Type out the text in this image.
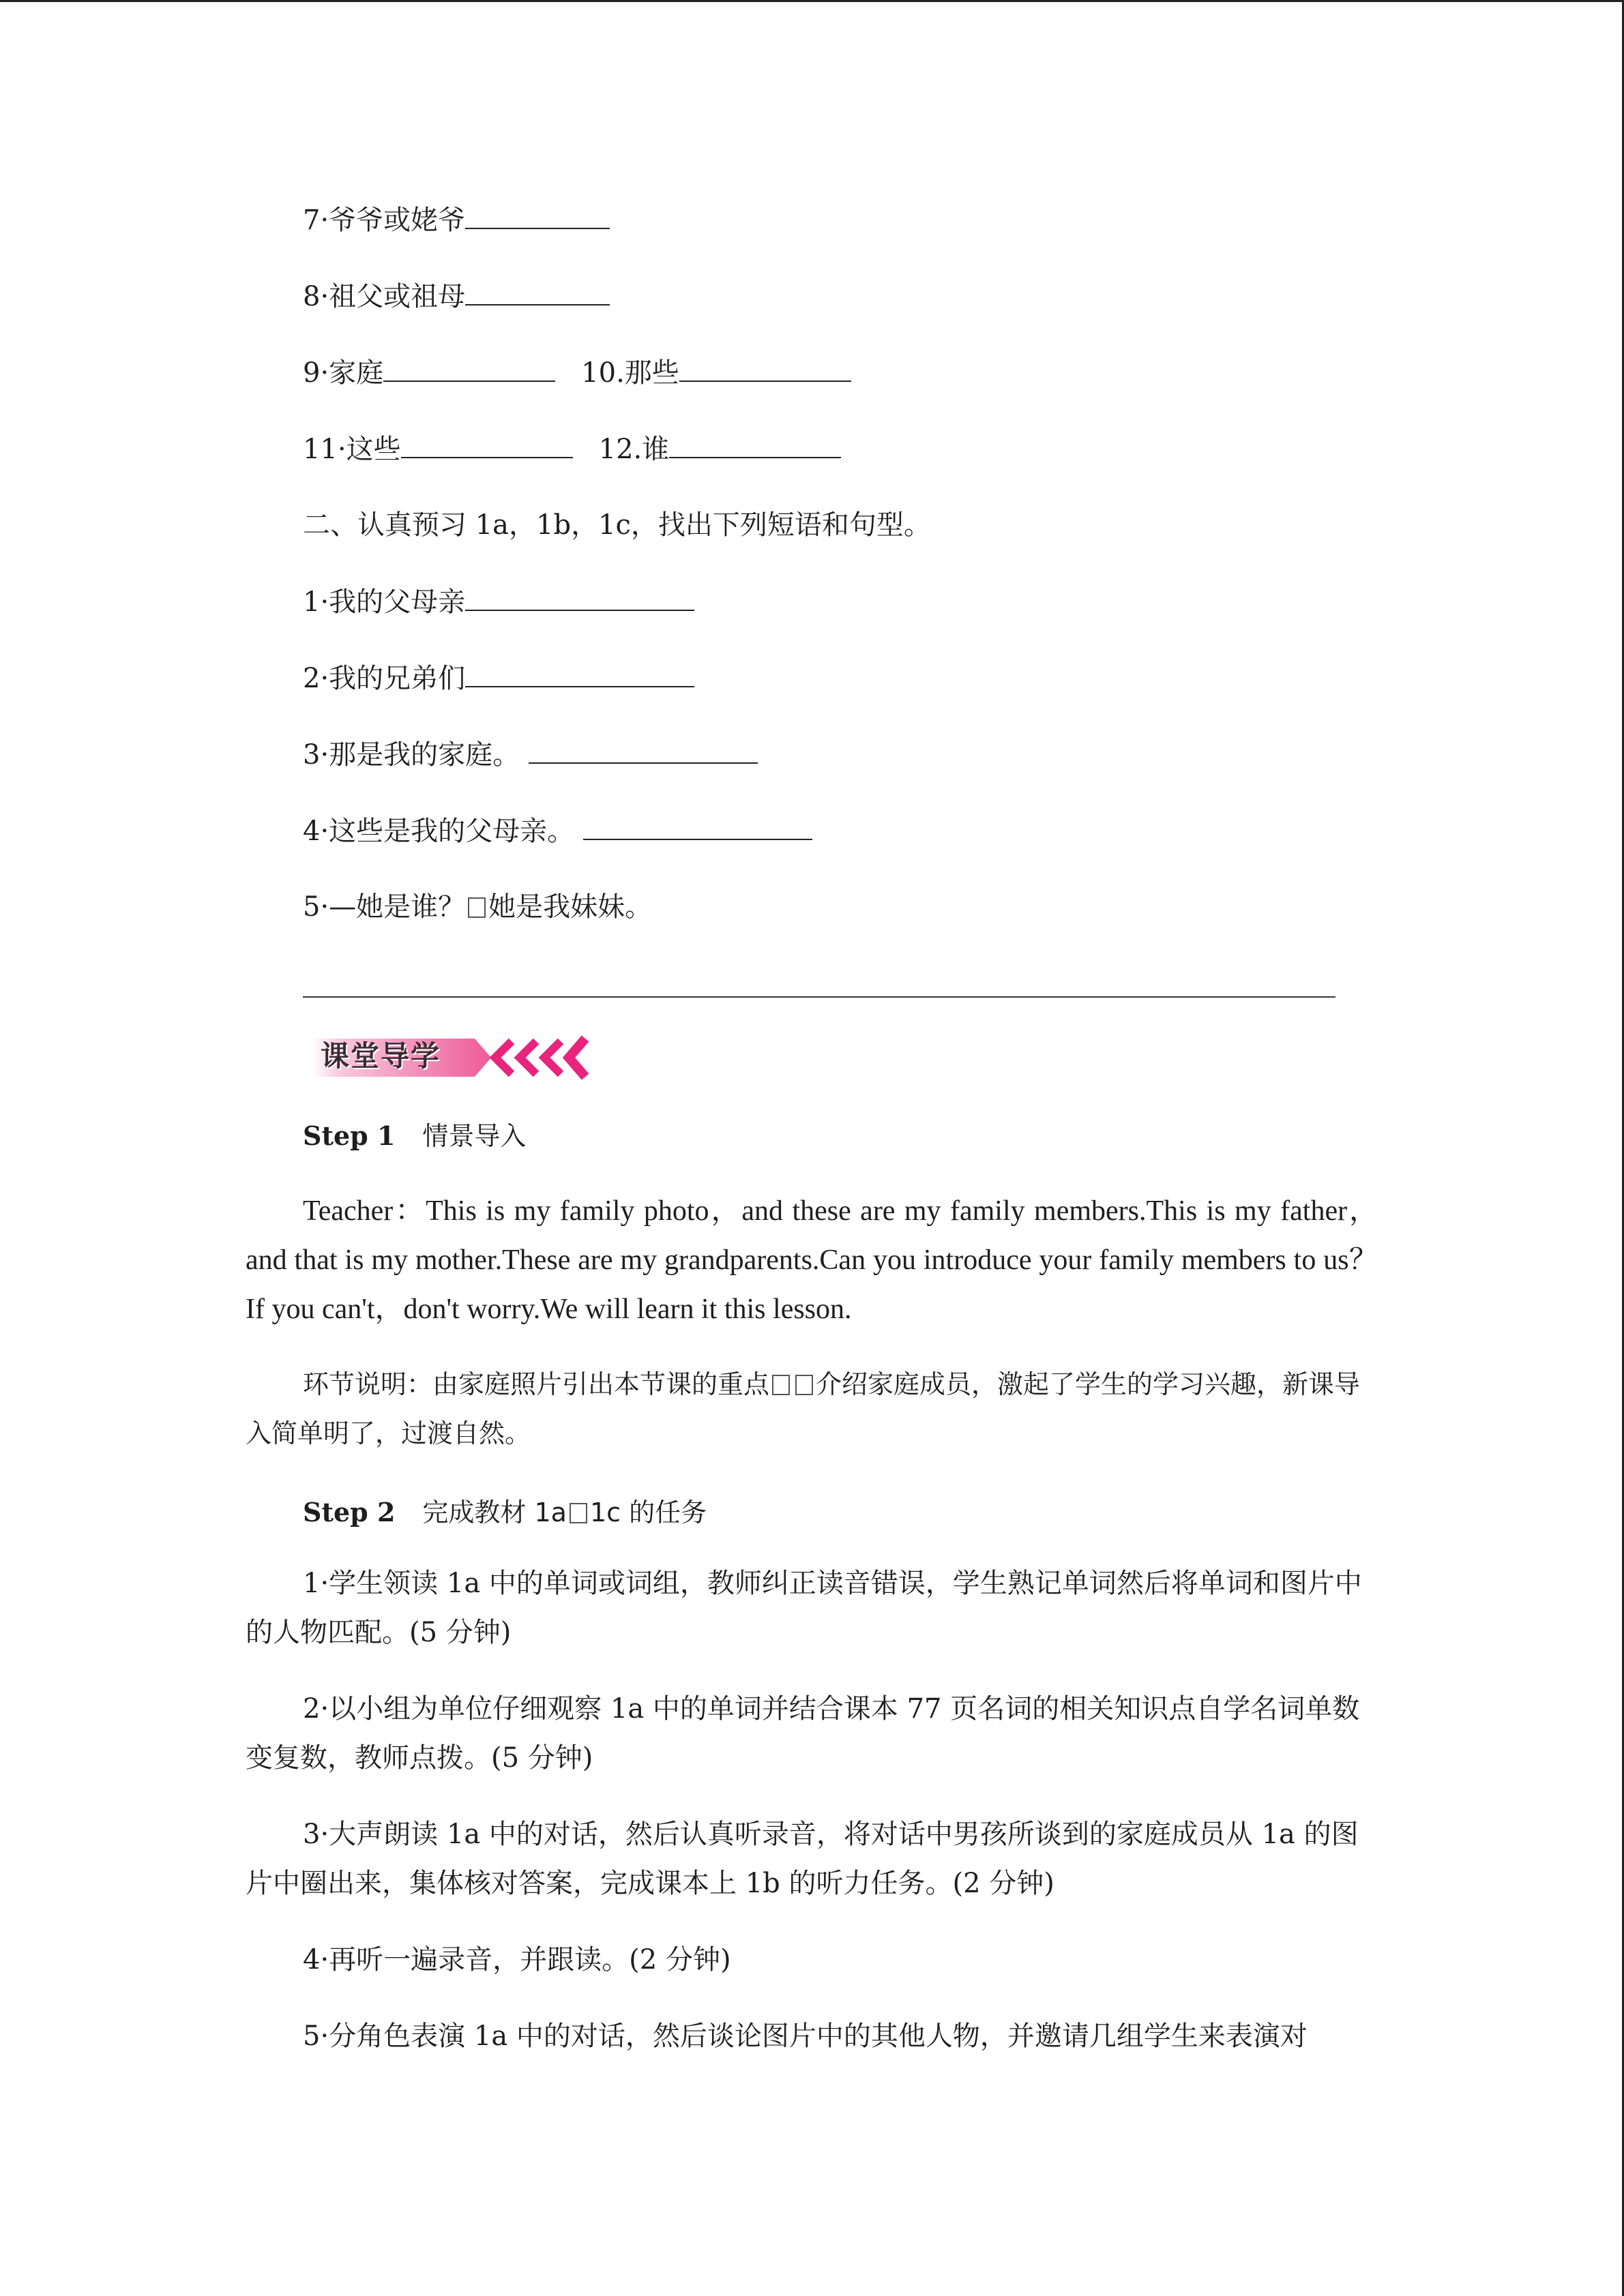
7·爷爷或姥爷
8·祖父或祖母
9·家庭	10.那些
11·这些	12.谁
二、认真预习 1a，1b，1c，找出下列短语和句型。
1·我的父母亲
2·我的兄弟们
3·那是我的家庭。
4·这些是我的父母亲。
5·—她是谁？ 她是我妹妹。
课堂导学
Step 1 情景导入

Teacher：This is my family photo，and these are my family members.This is my father，and that is my mother.These are my grandparents.Can you introduce your family members to us？If you can't，don't worry.We will learn it this lesson.

环节说明：由家庭照片引出本节课的重点 介绍家庭成员，激起了学生的学习兴趣，新课导入简单明了，过渡自然。

Step 2 完成教材 1a 1c 的任务

1·学生领读 1a 中的单词或词组，教师纠正读音错误，学生熟记单词然后将单词和图片中的人物匹配。(5 分钟)

2·以小组为单位仔细观察 1a 中的单词并结合课本 77 页名词的相关知识点自学名词单数变复数，教师点拨。(5 分钟)

3·大声朗读 1a 中的对话，然后认真听录音，将对话中男孩所谈到的家庭成员从 1a 的图片中圈出来，集体核对答案，完成课本上 1b 的听力任务。(2 分钟)

4·再听一遍录音，并跟读。(2 分钟)

5·分角色表演 1a 中的对话，然后谈论图片中的其他人物，并邀请几组学生来表演对
